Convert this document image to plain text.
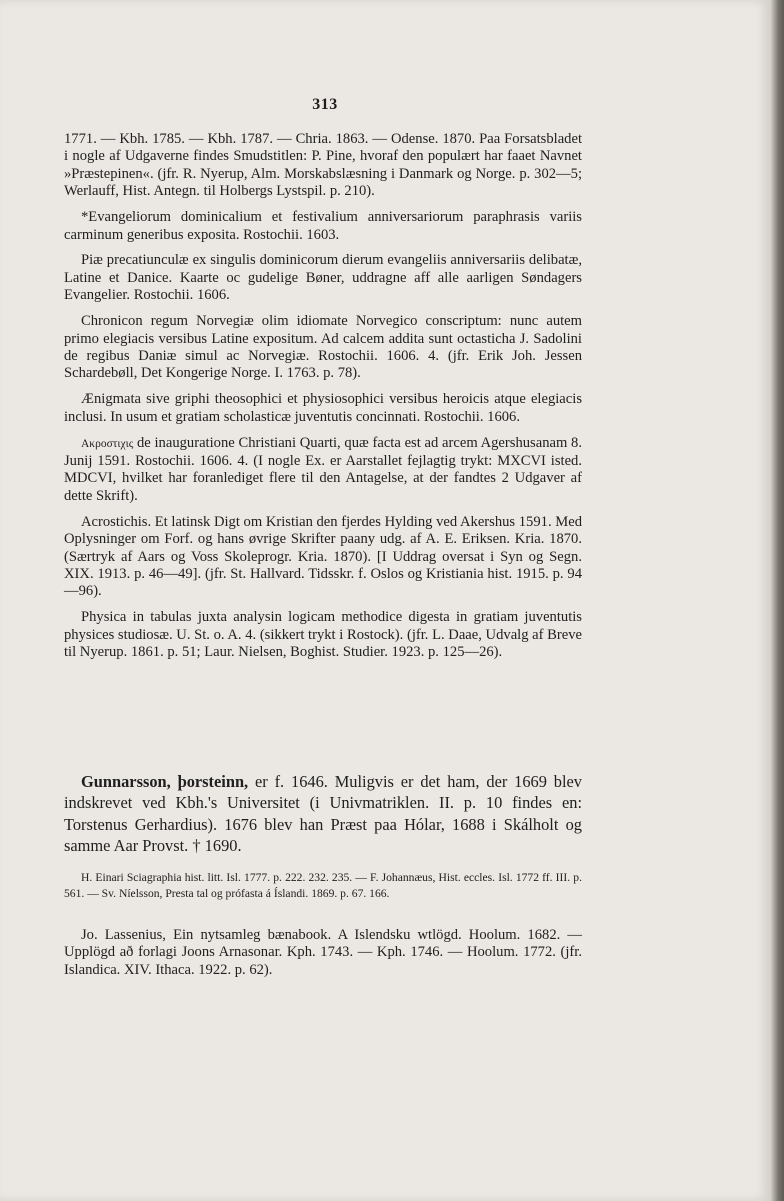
313

1771. — Kbh. 1785. — Kbh. 1787. — Chria. 1863. — Odense. 1870. Paa Forsatsbladet i nogle af Udgaverne findes Smudstitlen: P. Pine, hvoraf den populært har faaet Navnet »Præstepinen«. (jfr. R. Nyerup, Alm. Morskabslæsning i Danmark og Norge. p. 302—5; Werlauff, Hist. Antegn. til Holbergs Lystspil. p. 210).

*Evangeliorum dominicalium et festivalium anniversariorum paraphrasis variis carminum generibus exposita. Rostochii. 1603.

Piæ precatiunculæ ex singulis dominicorum dierum evangeliis anniversariis delibatæ, Latine et Danice. Kaarte oc gudelige Bøner, uddragne aff alle aarligen Søndagers Evangelier. Rostochii. 1606.

Chronicon regum Norvegiæ olim idiomate Norvegico conscriptum: nunc autem primo elegiacis versibus Latine expositum. Ad calcem addita sunt octasticha J. Sadolini de regibus Daniæ simul ac Norvegiæ. Rostochii. 1606. 4. (jfr. Erik Joh. Jessen Schardebøll, Det Kongerige Norge. I. 1763. p. 78).

Ænigmata sive griphi theosophici et physiosophici versibus heroicis atque elegiacis inclusi. In usum et gratiam scholasticæ juventutis concinnati. Rostochii. 1606.

Ακροστιχις de inauguratione Christiani Quarti, quæ facta est ad arcem Agershusanam 8. Junij 1591. Rostochii. 1606. 4. (I nogle Ex. er Aarstallet fejlagtig trykt: MXCVI isted. MDCVI, hvilket har foranlediget flere til den Antagelse, at der fandtes 2 Udgaver af dette Skrift).

Acrostichis. Et latinsk Digt om Kristian den fjerdes Hylding ved Akershus 1591. Med Oplysninger om Forf. og hans øvrige Skrifter paany udg. af A. E. Eriksen. Kria. 1870. (Særtryk af Aars og Voss Skoleprogr. Kria. 1870). [I Uddrag oversat i Syn og Segn. XIX. 1913. p. 46—49]. (jfr. St. Hallvard. Tidsskr. f. Oslos og Kristiania hist. 1915. p. 94—96).

Physica in tabulas juxta analysin logicam methodice digesta in gratiam juventutis physices studiosæ. U. St. o. A. 4. (sikkert trykt i Rostock). (jfr. L. Daae, Udvalg af Breve til Nyerup. 1861. p. 51; Laur. Nielsen, Boghist. Studier. 1923. p. 125—26).

Gunnarsson, þorsteinn, er f. 1646. Muligvis er det ham, der 1669 blev indskrevet ved Kbh.'s Universitet (i Univmatriklen. II. p. 10 findes en: Torstenus Gerhardius). 1676 blev han Præst paa Hólar, 1688 i Skálholt og samme Aar Provst. † 1690.

H. Einari Sciagraphia hist. litt. Isl. 1777. p. 222. 232. 235. — F. Johannæus, Hist. eccles. Isl. 1772 ff. III. p. 561. — Sv. Níelsson, Presta tal og prófasta á Íslandi. 1869. p. 67. 166.

Jo. Lassenius, Ein nytsamleg bænabook. A Islendsku wtlögd. Hoolum. 1682. — Upplögd að forlagi Joons Arnasonar. Kph. 1743. — Kph. 1746. — Hoolum. 1772. (jfr. Islandica. XIV. Ithaca. 1922. p. 62).
